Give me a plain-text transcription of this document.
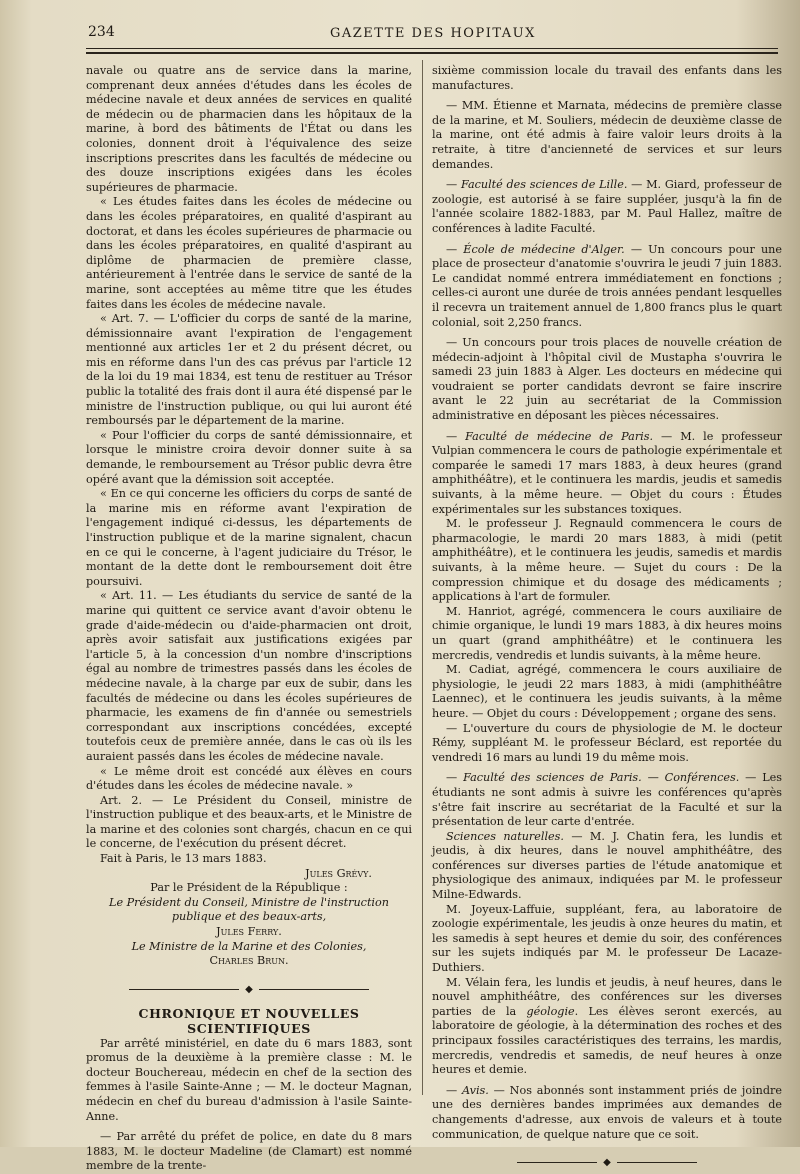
234	GAZETTE DES HOPITAUX

navale ou quatre ans de service dans la marine, comprenant deux années d'études dans les écoles de médecine navale et deux années de services en qualité de médecin ou de pharmacien dans les hôpitaux de la marine, à bord des bâtiments de l'État ou dans les colonies, donnent droit à l'équivalence des seize inscriptions prescrites dans les facultés de médecine ou des douze inscriptions exigées dans les écoles supérieures de pharmacie.

« Les études faites dans les écoles de médecine ou dans les écoles préparatoires, en qualité d'aspirant au doctorat, et dans les écoles supérieures de pharmacie ou dans les écoles préparatoires, en qualité d'aspirant au diplôme de pharmacien de première classe, antérieurement à l'entrée dans le service de santé de la marine, sont acceptées au même titre que les études faites dans les écoles de médecine navale.

« Art. 7. — L'officier du corps de santé de la marine, démissionnaire avant l'expiration de l'engagement mentionné aux articles 1er et 2 du présent décret, ou mis en réforme dans l'un des cas prévus par l'article 12 de la loi du 19 mai 1834, est tenu de restituer au Trésor public la totalité des frais dont il aura été dispensé par le ministre de l'instruction publique, ou qui lui auront été remboursés par le département de la marine.

« Pour l'officier du corps de santé démissionnaire, et lorsque le ministre croira devoir donner suite à sa demande, le remboursement au Trésor public devra être opéré avant que la démission soit acceptée.

« En ce qui concerne les officiers du corps de santé de la marine mis en réforme avant l'expiration de l'engagement indiqué ci-dessus, les départements de l'instruction publique et de la marine signalent, chacun en ce qui le concerne, à l'agent judiciaire du Trésor, le montant de la dette dont le remboursement doit être poursuivi.

« Art. 11. — Les étudiants du service de santé de la marine qui quittent ce service avant d'avoir obtenu le grade d'aide-médecin ou d'aide-pharmacien ont droit, après avoir satisfait aux justifications exigées par l'article 5, à la concession d'un nombre d'inscriptions égal au nombre de trimestres passés dans les écoles de médecine navale, à la charge par eux de subir, dans les facultés de médecine ou dans les écoles supérieures de pharmacie, les examens de fin d'année ou semestriels correspondant aux inscriptions concédées, excepté toutefois ceux de première année, dans le cas où ils les auraient passés dans les écoles de médecine navale.

« Le même droit est concédé aux élèves en cours d'études dans les écoles de médecine navale. »

Art. 2. — Le Président du Conseil, ministre de l'instruction publique et des beaux-arts, et le Ministre de la marine et des colonies sont chargés, chacun en ce qui le concerne, de l'exécution du présent décret.

Fait à Paris, le 13 mars 1883.

Jules Grévy.

Par le Président de la République :

Le Président du Conseil, Ministre de l'instruction

publique et des beaux-arts,

Jules Ferry.

Le Ministre de la Marine et des Colonies,

Charles Brun.

◆

CHRONIQUE ET NOUVELLES SCIENTIFIQUES

Par arrêté ministériel, en date du 6 mars 1883, sont promus de la deuxième à la première classe : M. le docteur Bouchereau, médecin en chef de la section des femmes à l'asile Sainte-Anne ; — M. le docteur Magnan, médecin en chef du bureau d'admission à l'asile Sainte-Anne.

— Par arrêté du préfet de police, en date du 8 mars 1883, M. le docteur Madeline (de Clamart) est nommé membre de la trente-

sixième commission locale du travail des enfants dans les manufactures.

— MM. Étienne et Marnata, médecins de première classe de la marine, et M. Souliers, médecin de deuxième classe de la marine, ont été admis à faire valoir leurs droits à la retraite, à titre d'ancienneté de services et sur leurs demandes.

— Faculté des sciences de Lille. — M. Giard, professeur de zoologie, est autorisé à se faire suppléer, jusqu'à la fin de l'année scolaire 1882-1883, par M. Paul Hallez, maître de conférences à ladite Faculté.

— École de médecine d'Alger. — Un concours pour une place de prosecteur d'anatomie s'ouvrira le jeudi 7 juin 1883. Le candidat nommé entrera immédiatement en fonctions ; celles-ci auront une durée de trois années pendant lesquelles il recevra un traitement annuel de 1,800 francs plus le quart colonial, soit 2,250 francs.

— Un concours pour trois places de nouvelle création de médecin-adjoint à l'hôpital civil de Mustapha s'ouvrira le samedi 23 juin 1883 à Alger. Les docteurs en médecine qui voudraient se porter candidats devront se faire inscrire avant le 22 juin au secrétariat de la Commission administrative en déposant les pièces nécessaires.

— Faculté de médecine de Paris. — M. le professeur Vulpian commencera le cours de pathologie expérimentale et comparée le samedi 17 mars 1883, à deux heures (grand amphithéâtre), et le continuera les mardis, jeudis et samedis suivants, à la même heure. — Objet du cours : Études expérimentales sur les substances toxiques.

M. le professeur J. Regnauld commencera le cours de pharmacologie, le mardi 20 mars 1883, à midi (petit amphithéâtre), et le continuera les jeudis, samedis et mardis suivants, à la même heure. — Sujet du cours : De la compression chimique et du dosage des médicaments ; applications à l'art de formuler.

M. Hanriot, agrégé, commencera le cours auxiliaire de chimie organique, le lundi 19 mars 1883, à dix heures moins un quart (grand amphithéâtre) et le continuera les mercredis, vendredis et lundis suivants, à la même heure.

M. Cadiat, agrégé, commencera le cours auxiliaire de physiologie, le jeudi 22 mars 1883, à midi (amphithéâtre Laennec), et le continuera les jeudis suivants, à la même heure. — Objet du cours : Développement ; organe des sens.

— L'ouverture du cours de physiologie de M. le docteur Rémy, suppléant M. le professeur Béclard, est reportée du vendredi 16 mars au lundi 19 du même mois.

— Faculté des sciences de Paris. — Conférences. — Les étudiants ne sont admis à suivre les conférences qu'après s'être fait inscrire au secrétariat de la Faculté et sur la présentation de leur carte d'entrée.

Sciences naturelles. — M. J. Chatin fera, les lundis et jeudis, à dix heures, dans le nouvel amphithéâtre, des conférences sur diverses parties de l'étude anatomique et physiologique des animaux, indiquées par M. le professeur Milne-Edwards.

M. Joyeux-Laffuie, suppléant, fera, au laboratoire de zoologie expérimentale, les jeudis à onze heures du matin, et les samedis à sept heures et demie du soir, des conférences sur les sujets indiqués par M. le professeur De Lacaze-Duthiers.

M. Vélain fera, les lundis et jeudis, à neuf heures, dans le nouvel amphithéâtre, des conférences sur les diverses parties de la géologie. Les élèves seront exercés, au laboratoire de géologie, à la détermination des roches et des principaux fossiles caractéristiques des terrains, les mardis, mercredis, vendredis et samedis, de neuf heures à onze heures et demie.

— Avis. — Nos abonnés sont instamment priés de joindre une des dernières bandes imprimées aux demandes de changements d'adresse, aux envois de valeurs et à toute communication, de quelque nature que ce soit.

◆
